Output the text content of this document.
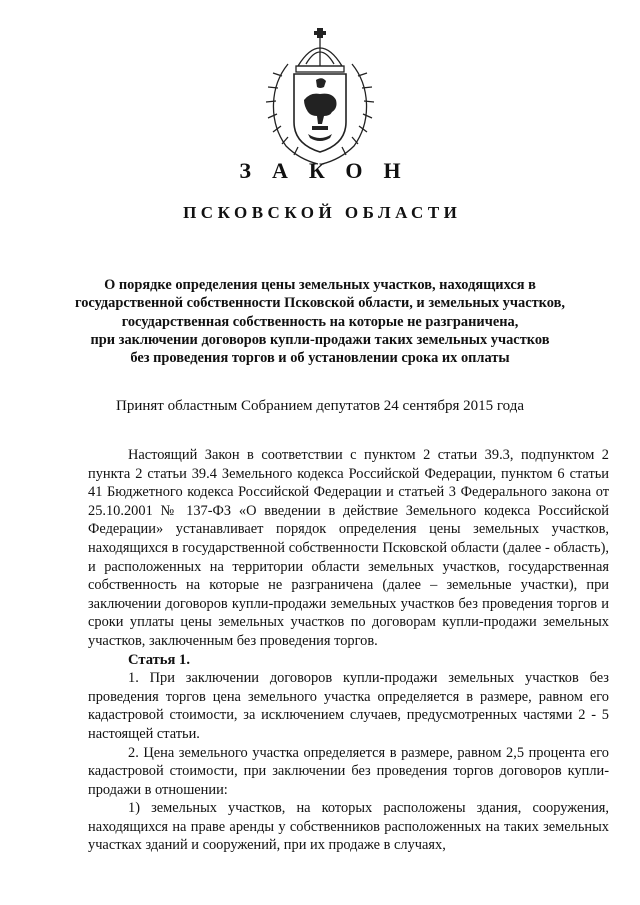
ЗАКОН
ПСКОВСКОЙ ОБЛАСТИ
О порядке определения цены земельных участков, находящихся в
государственной собственности Псковской области, и земельных участков,
государственная собственность на которые не разграничена,
при заключении договоров купли-продажи таких земельных участков
без проведения торгов и об установлении срока их оплаты
Принят областным Собранием депутатов 24 сентября 2015 года

Настоящий Закон в соответствии с пунктом 2 статьи 39.3, подпунктом 2 пункта 2 статьи 39.4 Земельного кодекса Российской Федерации, пунктом 6 статьи 41 Бюджетного кодекса Российской Федерации и статьей 3 Федерального закона от 25.10.2001 № 137-ФЗ «О введении в действие Земельного кодекса Российской Федерации» устанавливает порядок определения цены земельных участков, находящихся в государственной собственности Псковской области (далее - область), и расположенных на территории области земельных участков, государственная собственность на которые не разграничена (далее – земельные участки), при заключении договоров купли-продажи земельных участков без проведения торгов и сроки уплаты цены земельных участков по договорам купли-продажи земельных участков, заключенным без проведения торгов.

Статья 1.

1. При заключении договоров купли-продажи земельных участков без проведения торгов цена земельного участка определяется в размере, равном его кадастровой стоимости, за исключением случаев, предусмотренных частями 2 - 5 настоящей статьи.

2. Цена земельного участка определяется в размере, равном 2,5 процента его кадастровой стоимости, при заключении без проведения торгов договоров купли-продажи в отношении:

1) земельных участков, на которых расположены здания, сооружения, находящихся на праве аренды у собственников расположенных на таких земельных участках зданий и сооружений, при их продаже в случаях,
